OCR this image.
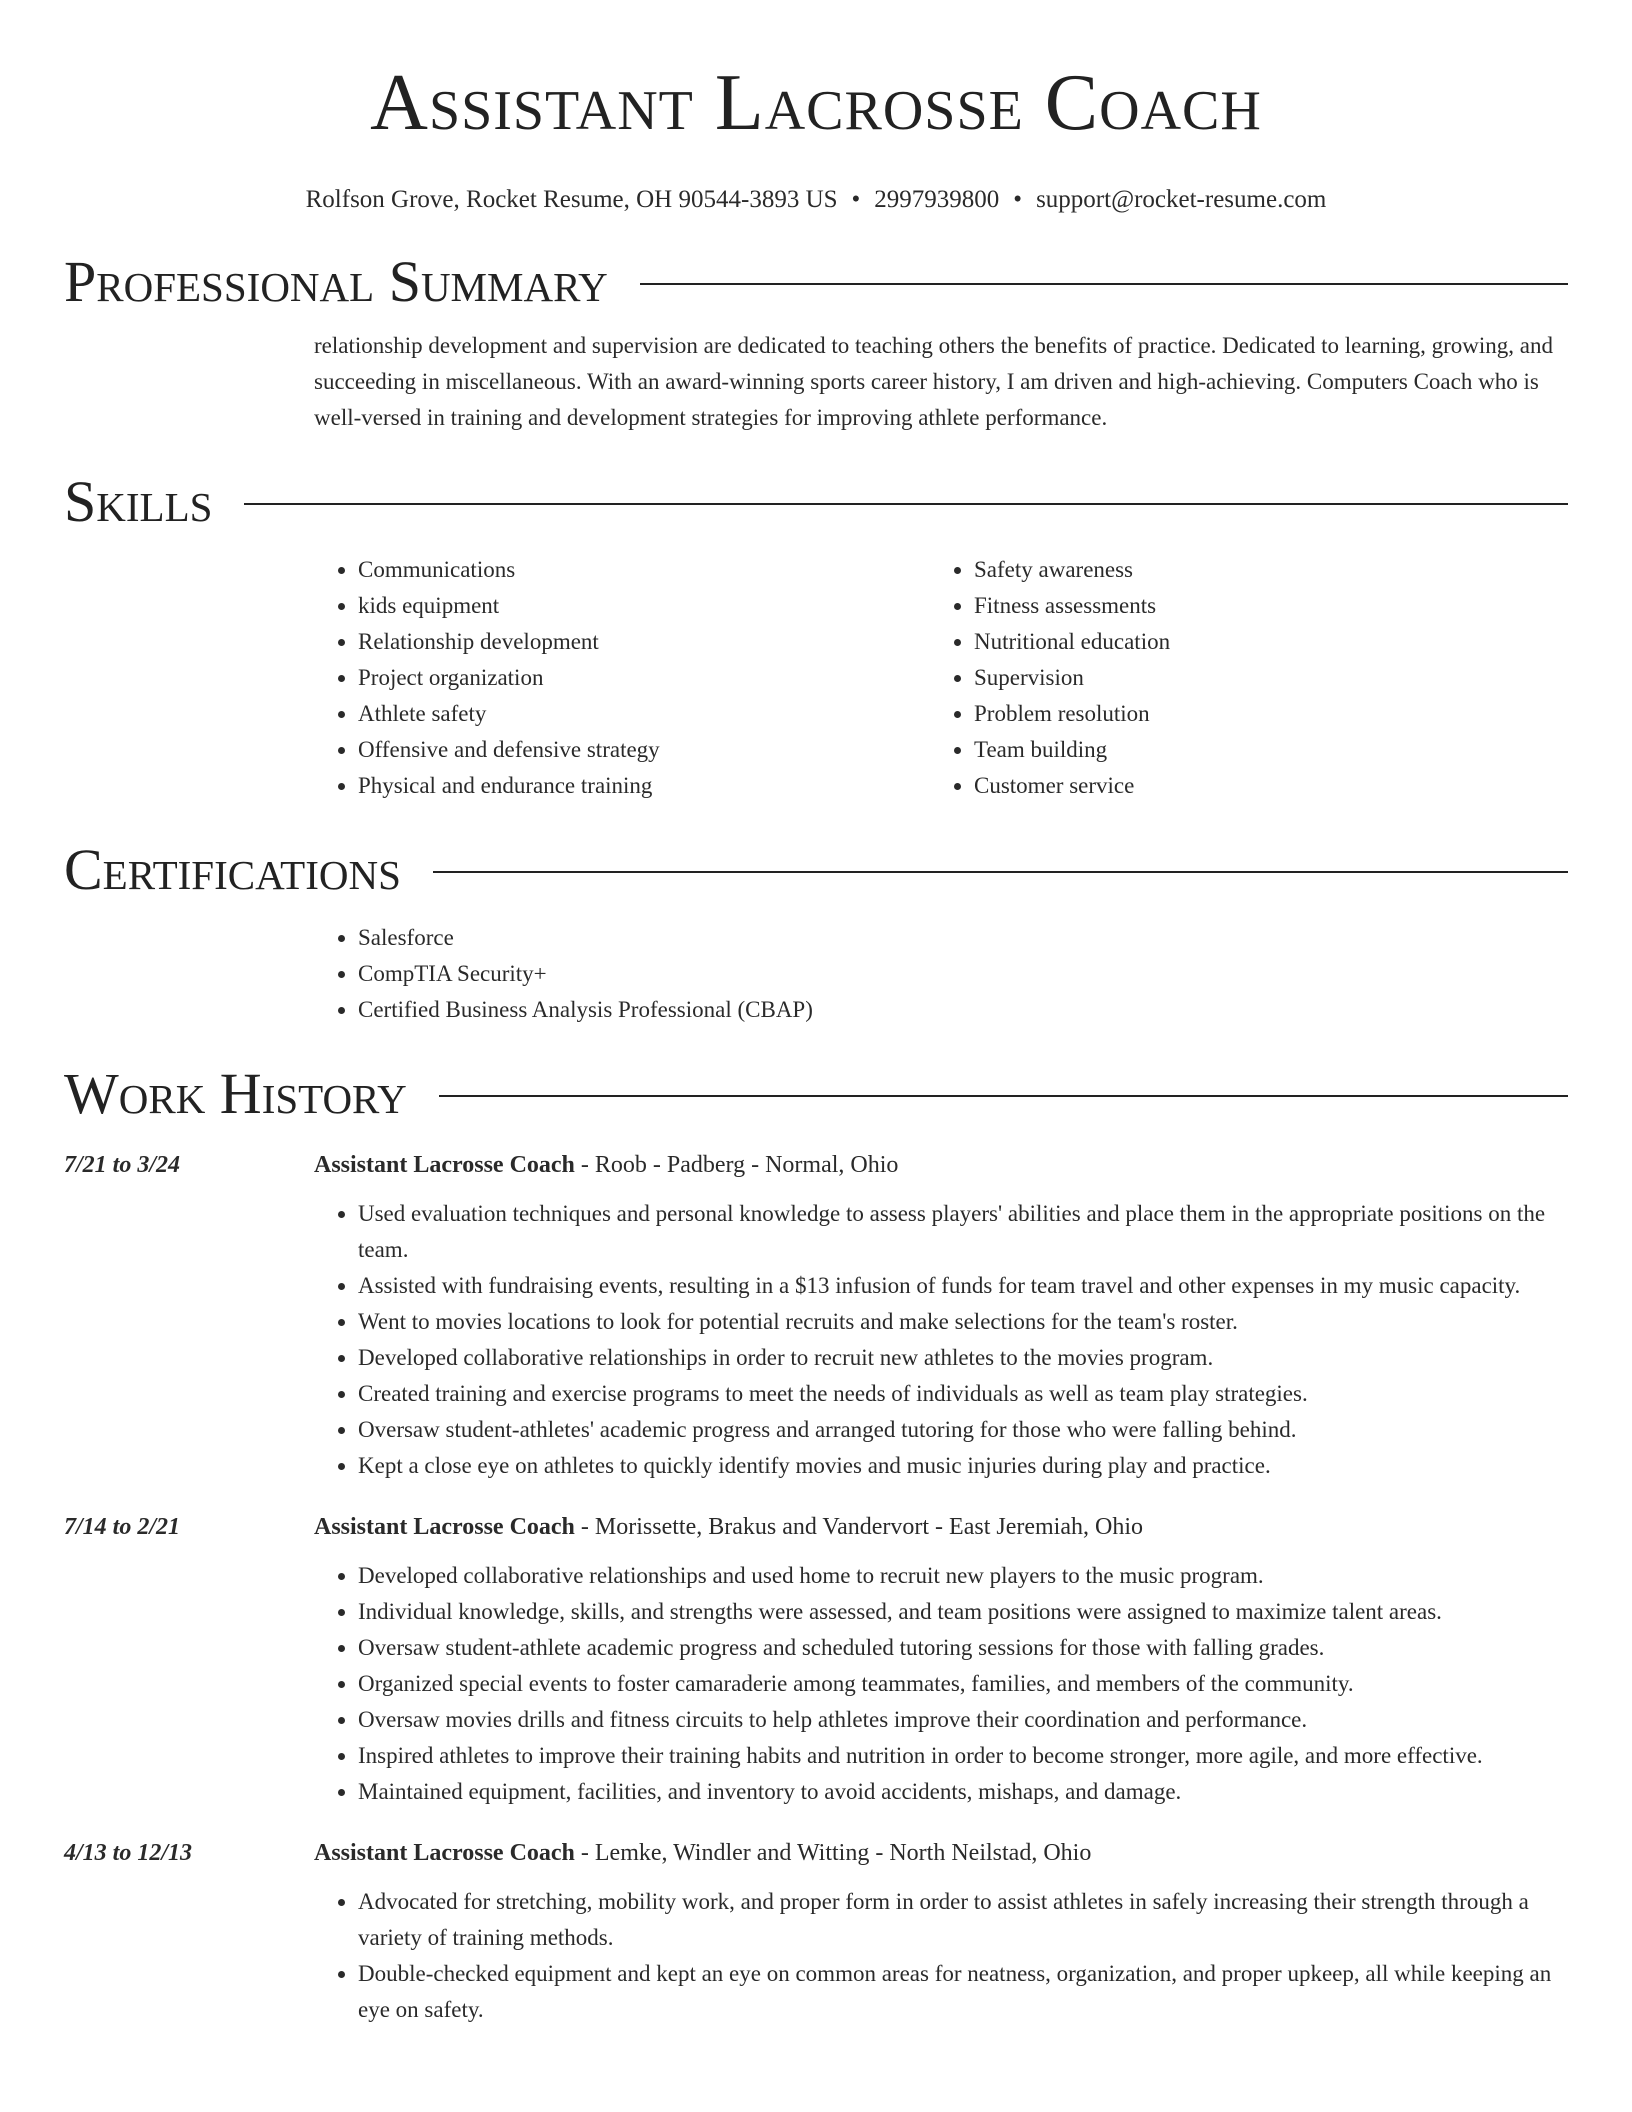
Assistant Lacrosse Coach
Rolfson Grove, Rocket Resume, OH 90544-3893 US • 2997939800 • support@rocket-resume.com
Professional Summary
relationship development and supervision are dedicated to teaching others the benefits of practice. Dedicated to learning, growing, and succeeding in miscellaneous. With an award-winning sports career history, I am driven and high-achieving. Computers Coach who is well-versed in training and development strategies for improving athlete performance.
Skills
• Communications
• kids equipment
• Relationship development
• Project organization
• Athlete safety
• Offensive and defensive strategy
• Physical and endurance training
• Safety awareness
• Fitness assessments
• Nutritional education
• Supervision
• Problem resolution
• Team building
• Customer service
Certifications
• Salesforce
• CompTIA Security+
• Certified Business Analysis Professional (CBAP)
Work History
7/21 to 3/24	Assistant Lacrosse Coach - Roob - Padberg - Normal, Ohio
• Used evaluation techniques and personal knowledge to assess players' abilities and place them in the appropriate positions on the team.
• Assisted with fundraising events, resulting in a $13 infusion of funds for team travel and other expenses in my music capacity.
• Went to movies locations to look for potential recruits and make selections for the team's roster.
• Developed collaborative relationships in order to recruit new athletes to the movies program.
• Created training and exercise programs to meet the needs of individuals as well as team play strategies.
• Oversaw student-athletes' academic progress and arranged tutoring for those who were falling behind.
• Kept a close eye on athletes to quickly identify movies and music injuries during play and practice.
7/14 to 2/21	Assistant Lacrosse Coach - Morissette, Brakus and Vandervort - East Jeremiah, Ohio
• Developed collaborative relationships and used home to recruit new players to the music program.
• Individual knowledge, skills, and strengths were assessed, and team positions were assigned to maximize talent areas.
• Oversaw student-athlete academic progress and scheduled tutoring sessions for those with falling grades.
• Organized special events to foster camaraderie among teammates, families, and members of the community.
• Oversaw movies drills and fitness circuits to help athletes improve their coordination and performance.
• Inspired athletes to improve their training habits and nutrition in order to become stronger, more agile, and more effective.
• Maintained equipment, facilities, and inventory to avoid accidents, mishaps, and damage.
4/13 to 12/13	Assistant Lacrosse Coach - Lemke, Windler and Witting - North Neilstad, Ohio
• Advocated for stretching, mobility work, and proper form in order to assist athletes in safely increasing their strength through a variety of training methods.
• Double-checked equipment and kept an eye on common areas for neatness, organization, and proper upkeep, all while keeping an eye on safety.
